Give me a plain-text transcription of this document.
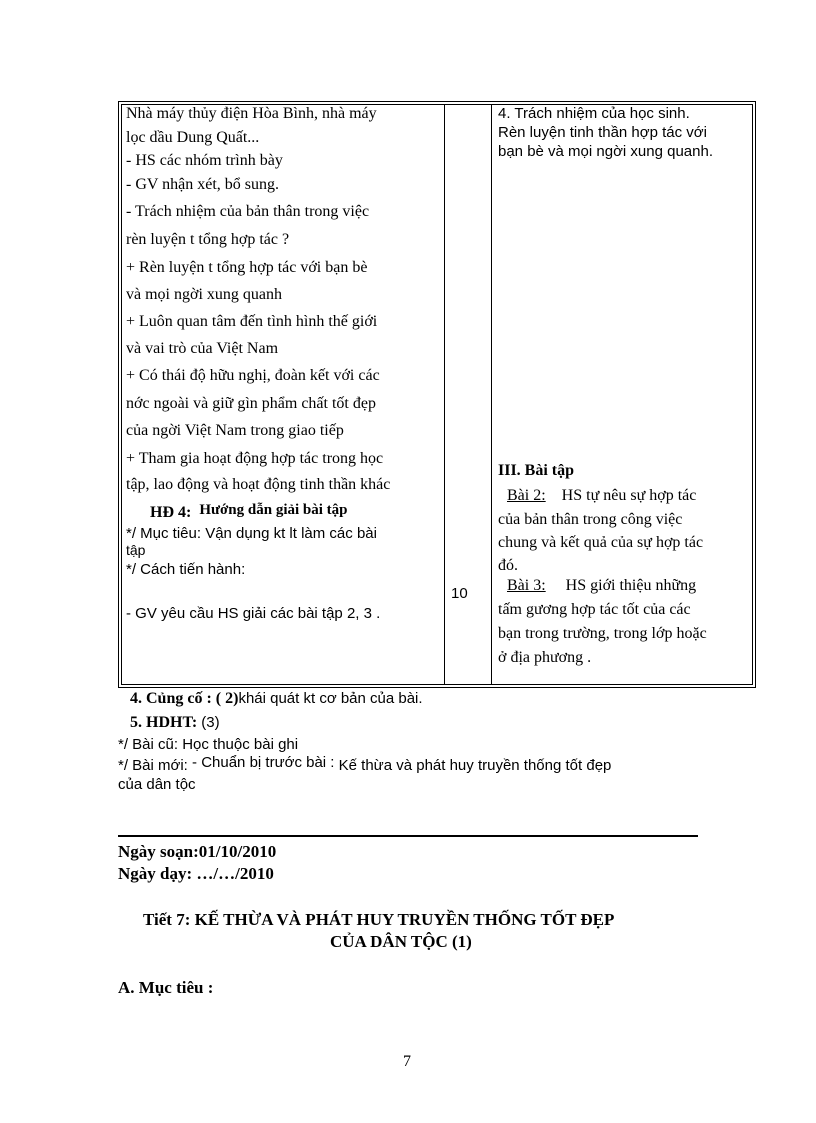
Nhà máy thủy điện Hòa Bình, nhà máy
lọc dầu Dung Quất...
- HS các nhóm trình bày
- GV nhận xét, bổ sung.
- Trách nhiệm của bản thân trong việc
rèn luyện t tổng hợp tác ?
+ Rèn luyện t tổng hợp tác với bạn bè
và mọi ngời xung quanh
+ Luôn quan tâm đến tình hình thế giới
và vai trò của Việt Nam
+ Có thái độ hữu nghị, đoàn kết với các
nớc ngoài và giữ gìn phẩm chất tốt đẹp
của ngời Việt Nam trong giao tiếp
+ Tham gia hoạt động hợp tác trong học
tập, lao động và hoạt động tinh thần khác
HĐ 4: Hướng dẫn giải bài tập
*/ Mục tiêu: Vận dụng kt lt làm các bài
tập
*/ Cách tiến hành:
- GV yêu cầu HS giải các bài tập 2, 3 .
10
4. Trách nhiệm của học sinh.
Rèn luyện tinh thần hợp tác với
bạn bè và mọi ngời xung quanh.
III. Bài tập
Bài 2: HS tự nêu sự hợp tác
của bản thân trong công việc
chung và kết quả của sự hợp tác
đó.
Bài 3: HS giới thiệu những
tấm gương hợp tác tốt của các
bạn trong trường, trong lớp hoặc
ở địa phương .
4. Củng cố : ( 2)khái quát kt cơ bản của bài.
5. HDHT: (3)
*/ Bài cũ: Học thuộc bài ghi
*/ Bài mới: - Chuẩn bị trước bài : Kế thừa và phát huy truyền thống tốt đẹp
của dân tộc
Ngày soạn:01/10/2010
Ngày dạy: …/…/2010
Tiết 7: KẾ THỪA VÀ PHÁT HUY TRUYỀN THỐNG TỐT ĐẸP
CỦA DÂN TỘC (1)
A. Mục tiêu :
7
